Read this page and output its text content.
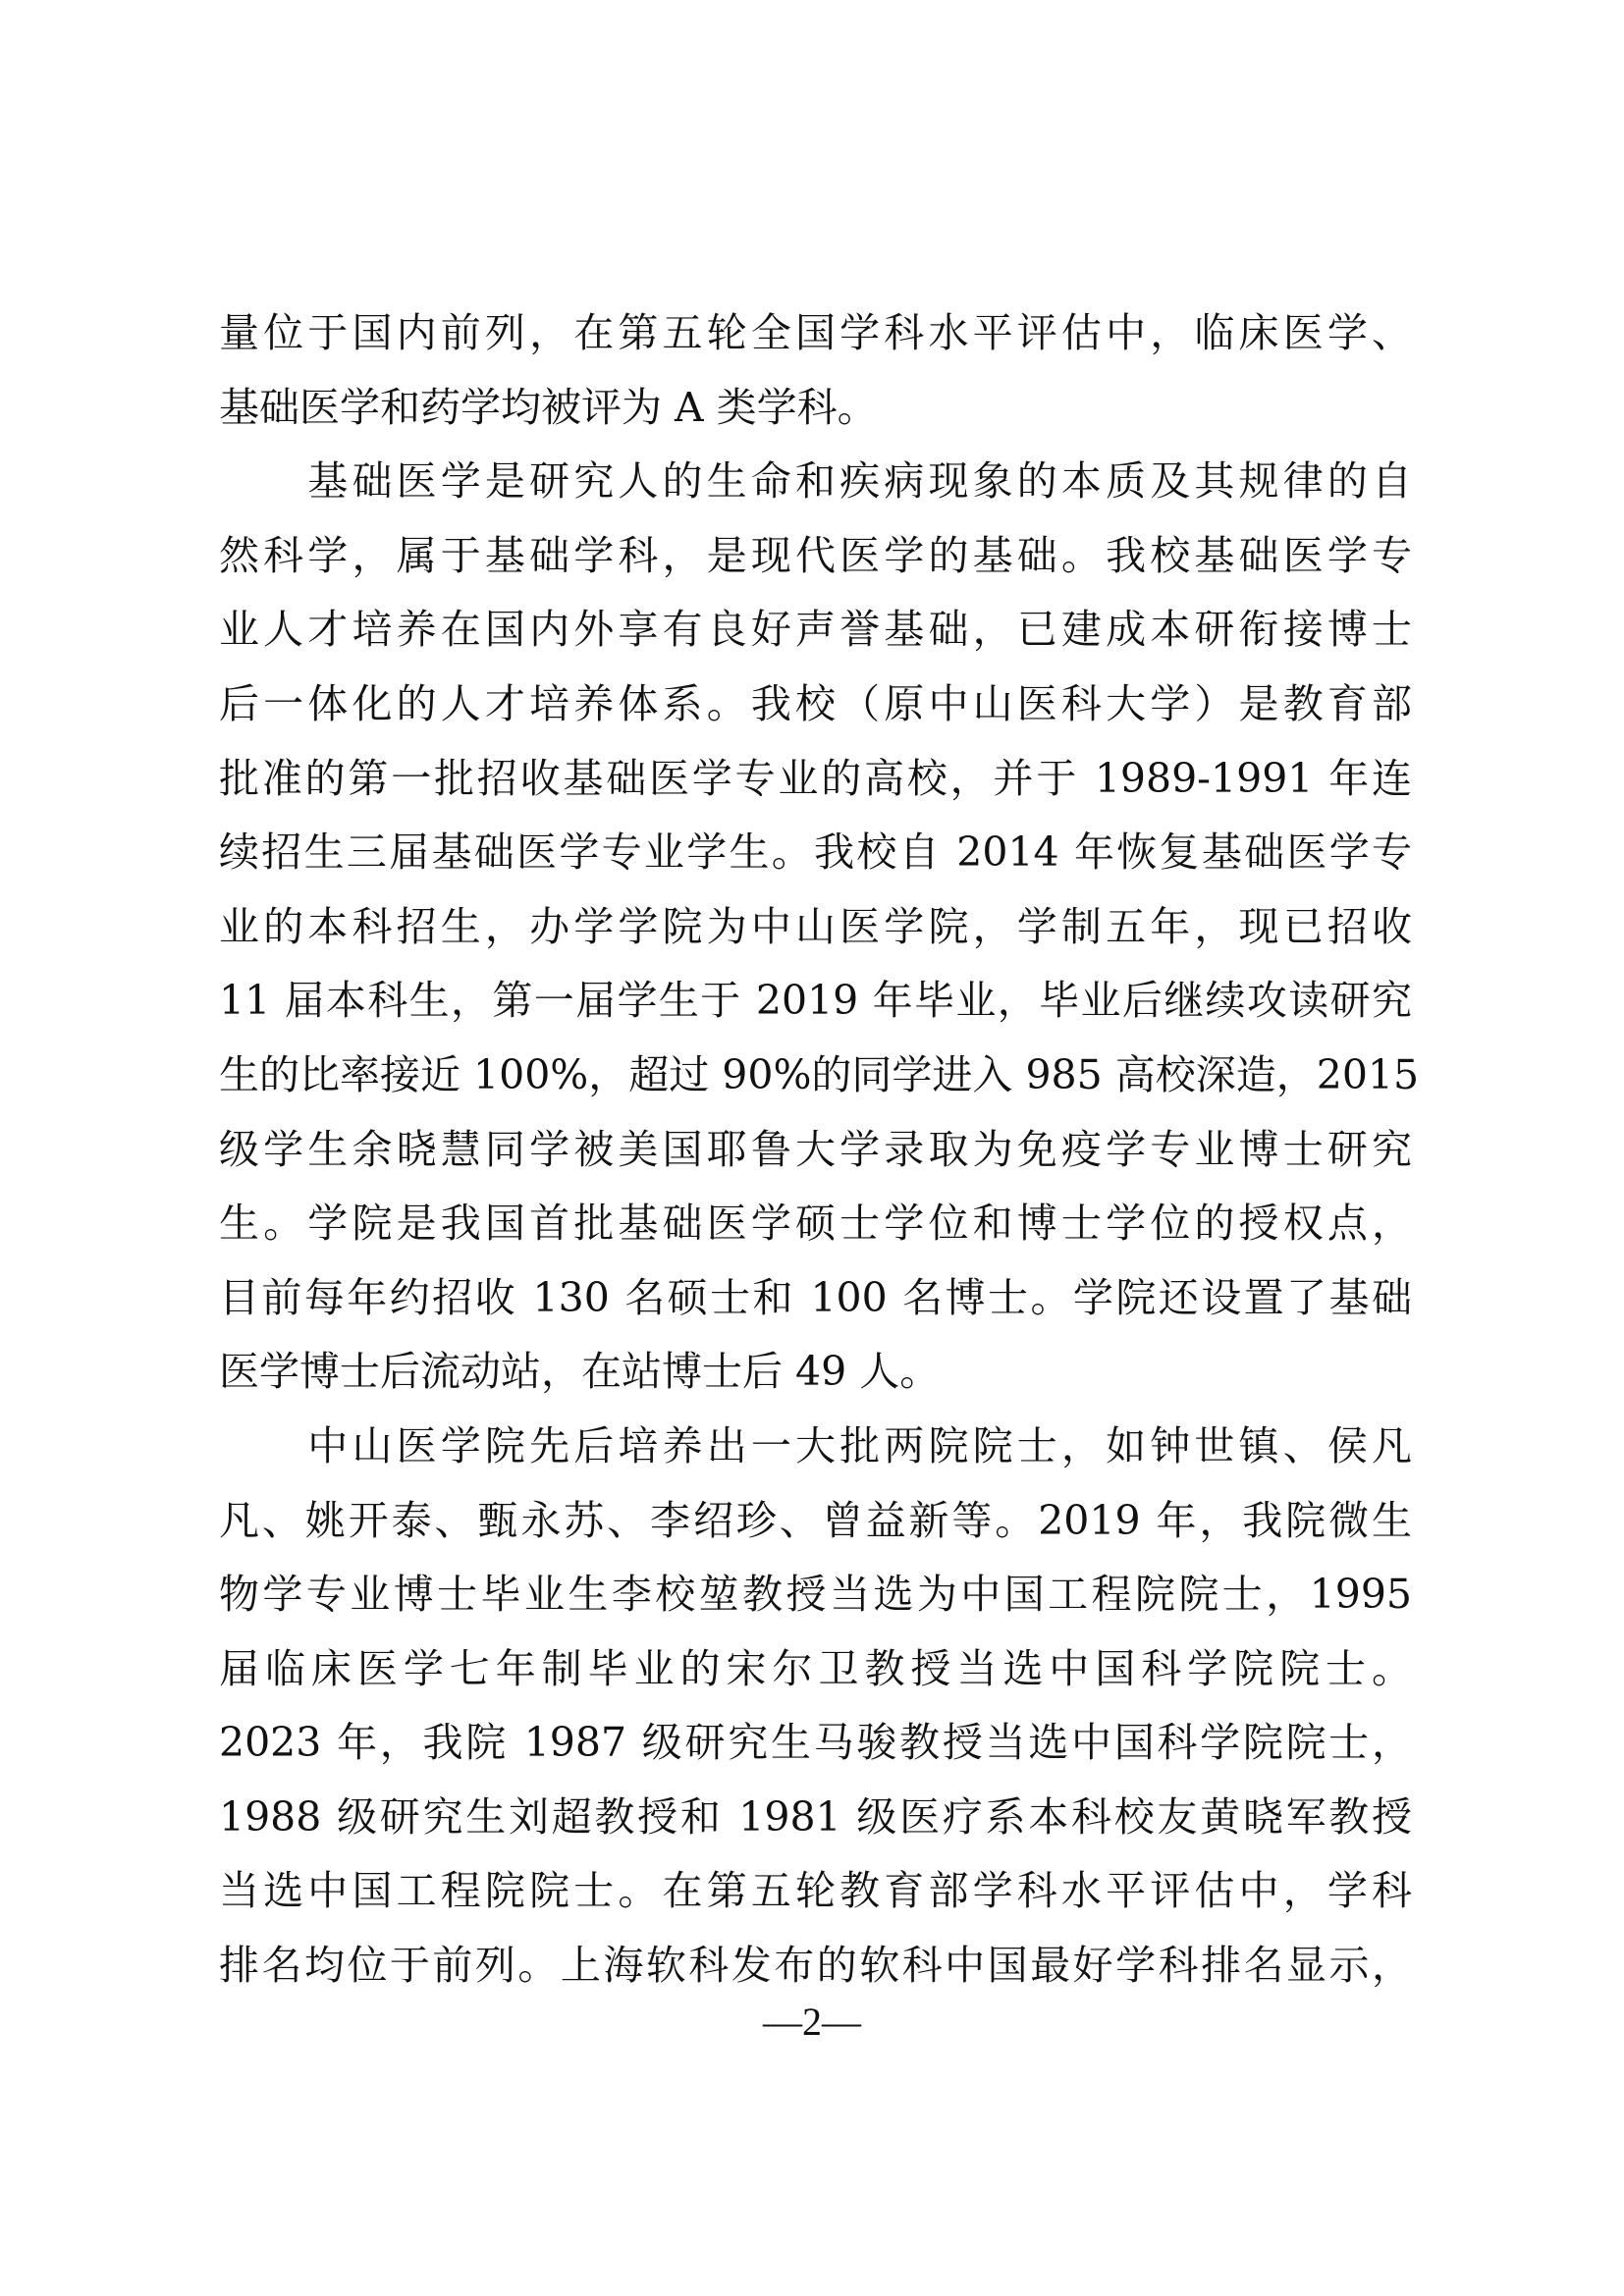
量位于国内前列，在第五轮全国学科水平评估中，临床医学、
基础医学和药学均被评为 A 类学科。
　　基础医学是研究人的生命和疾病现象的本质及其规律的自
然科学，属于基础学科，是现代医学的基础。我校基础医学专
业人才培养在国内外享有良好声誉基础，已建成本研衔接博士
后一体化的人才培养体系。我校（原中山医科大学）是教育部
批准的第一批招收基础医学专业的高校，并于 1989-1991 年连
续招生三届基础医学专业学生。我校自 2014 年恢复基础医学专
业的本科招生，办学学院为中山医学院，学制五年，现已招收
11 届本科生，第一届学生于 2019 年毕业，毕业后继续攻读研究
生的比率接近 100%，超过 90%的同学进入 985 高校深造，2015
级学生余晓慧同学被美国耶鲁大学录取为免疫学专业博士研究
生。学院是我国首批基础医学硕士学位和博士学位的授权点，
目前每年约招收 130 名硕士和 100 名博士。学院还设置了基础
医学博士后流动站，在站博士后 49 人。
　　中山医学院先后培养出一大批两院院士，如钟世镇、侯凡
凡、姚开泰、甄永苏、李绍珍、曾益新等。2019 年，我院微生
物学专业博士毕业生李校堃教授当选为中国工程院院士，1995
届临床医学七年制毕业的宋尔卫教授当选中国科学院院士。
2023 年，我院 1987 级研究生马骏教授当选中国科学院院士，
1988 级研究生刘超教授和 1981 级医疗系本科校友黄晓军教授
当选中国工程院院士。在第五轮教育部学科水平评估中，学科
排名均位于前列。上海软科发布的软科中国最好学科排名显示，
—2—
